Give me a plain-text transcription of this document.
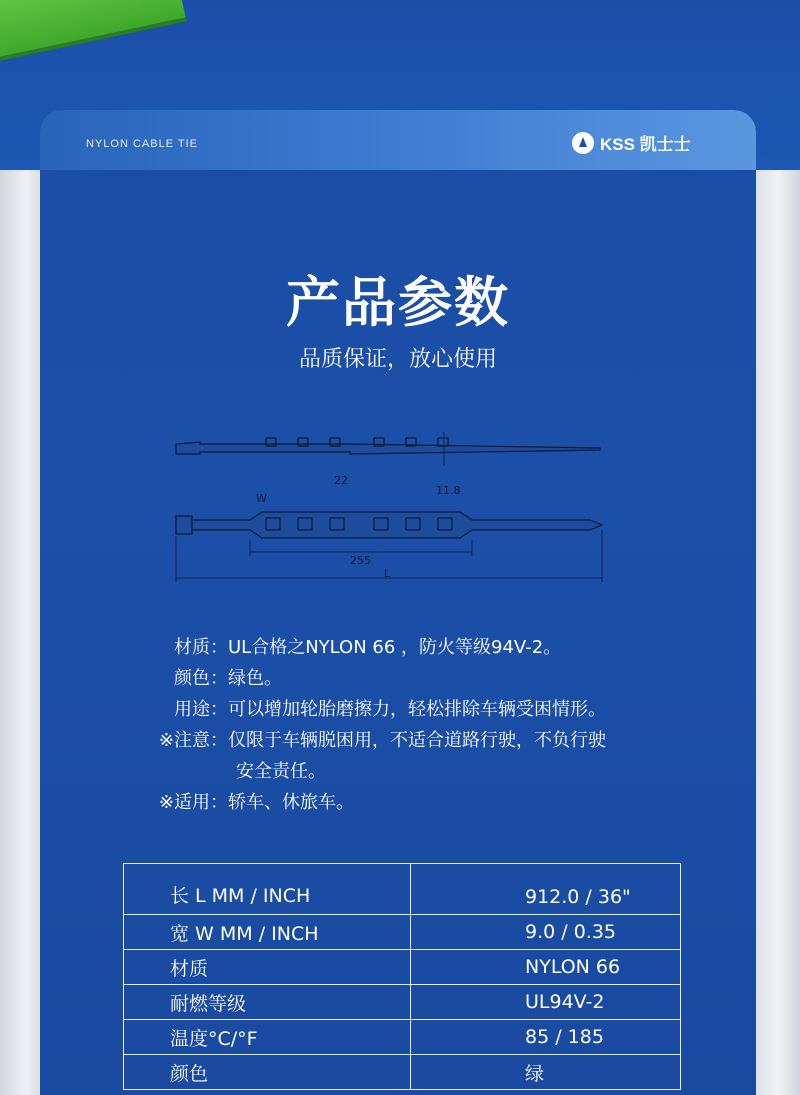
NYLON CABLE TIE	KSS 凯士士
产品参数
品质保证，放心使用
22
11.8
W
255
L
材质： UL合格之NYLON 66 ，防火等级94V-2。
颜色： 绿色。
用途： 可以增加轮胎磨擦力，轻松排除车辆受困情形。
※注意： 仅限于车辆脱困用，不适合道路行驶，不负行驶
安全责任。
※适用： 轿车、休旅车。
长 L MM / INCH	912.0 / 36"
宽 W MM / INCH	9.0 / 0.35
材质	NYLON 66
耐燃等级	UL94V-2
温度°C/°F	85 / 185
颜色	绿
